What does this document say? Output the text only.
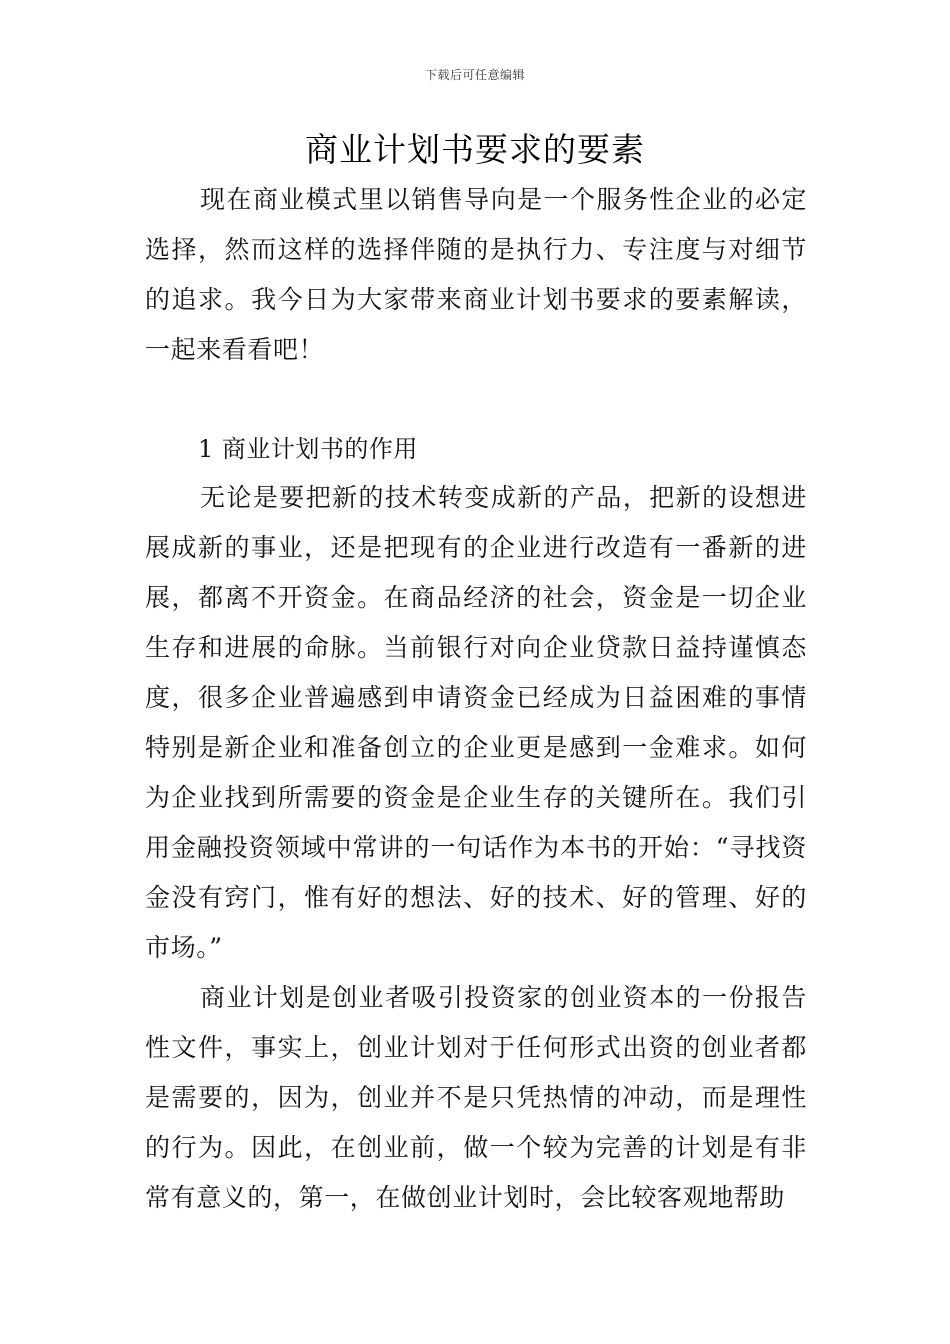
下载后可任意编辑
商业计划书要求的要素

现在商业模式里以销售导向是一个服务性企业的必定选择，然而这样的选择伴随的是执行力、专注度与对细节的追求。我今日为大家带来商业计划书要求的要素解读，一起来看看吧！

1 商业计划书的作用

无论是要把新的技术转变成新的产品，把新的设想进展成新的事业，还是把现有的企业进行改造有一番新的进展，都离不开资金。在商品经济的社会，资金是一切企业生存和进展的命脉。当前银行对向企业贷款日益持谨慎态度，很多企业普遍感到申请资金已经成为日益困难的事情特别是新企业和准备创立的企业更是感到一金难求。如何为企业找到所需要的资金是企业生存的关键所在。我们引用金融投资领域中常讲的一句话作为本书的开始：“寻找资金没有窍门，惟有好的想法、好的技术、好的管理、好的市场。”

商业计划是创业者吸引投资家的创业资本的一份报告性文件，事实上，创业计划对于任何形式出资的创业者都是需要的，因为，创业并不是只凭热情的冲动，而是理性的行为。因此，在创业前，做一个较为完善的计划是有非常有意义的，第一，在做创业计划时，会比较客观地帮助
